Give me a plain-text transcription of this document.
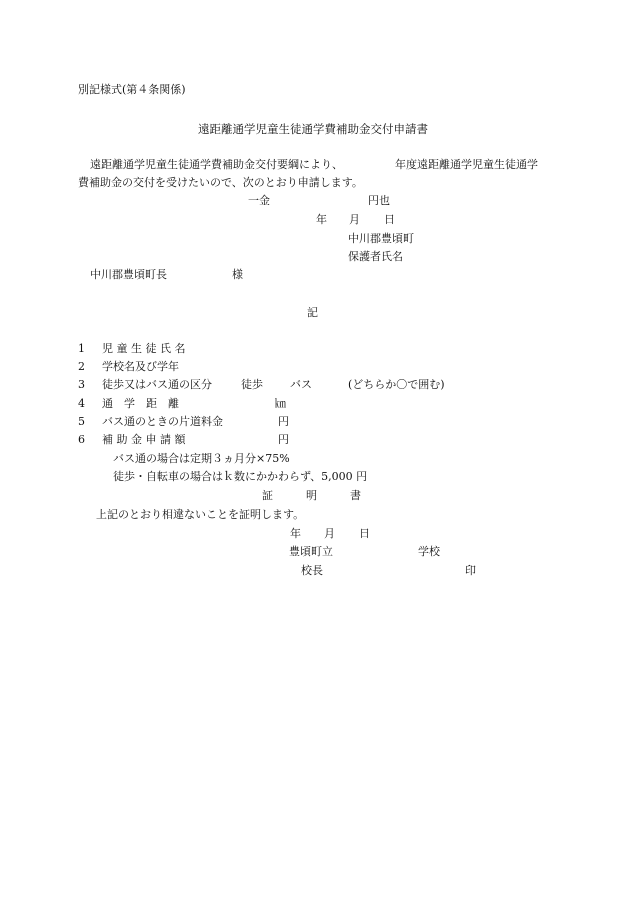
別記様式(第４条関係)
遠距離通学児童生徒通学費補助金交付申請書
遠距離通学児童生徒通学費補助金交付要綱により、	年度遠距離通学児童生徒通学
費補助金の交付を受けたいので、次のとおり申請します。
一金	円也
年 月 日
中川郡豊頃町
保護者氏名
中川郡豊頃町長	様
記
1 児 童 生 徒 氏 名
2 学校名及び学年
3 徒歩又はバス通の区分	徒歩 バス	(どちらか〇で囲む)
4 通　学　距　離	㎞
5 バス通のときの片道料金	円
6 補 助 金 申 請 額	円
バス通の場合は定期３ヵ月分×75%
徒歩・自転車の場合はｋ数にかかわらず、5,000 円
証	明	書
上記のとおり相違ないことを証明します。
年 月 日
豊頃町立	学校
校長	印
